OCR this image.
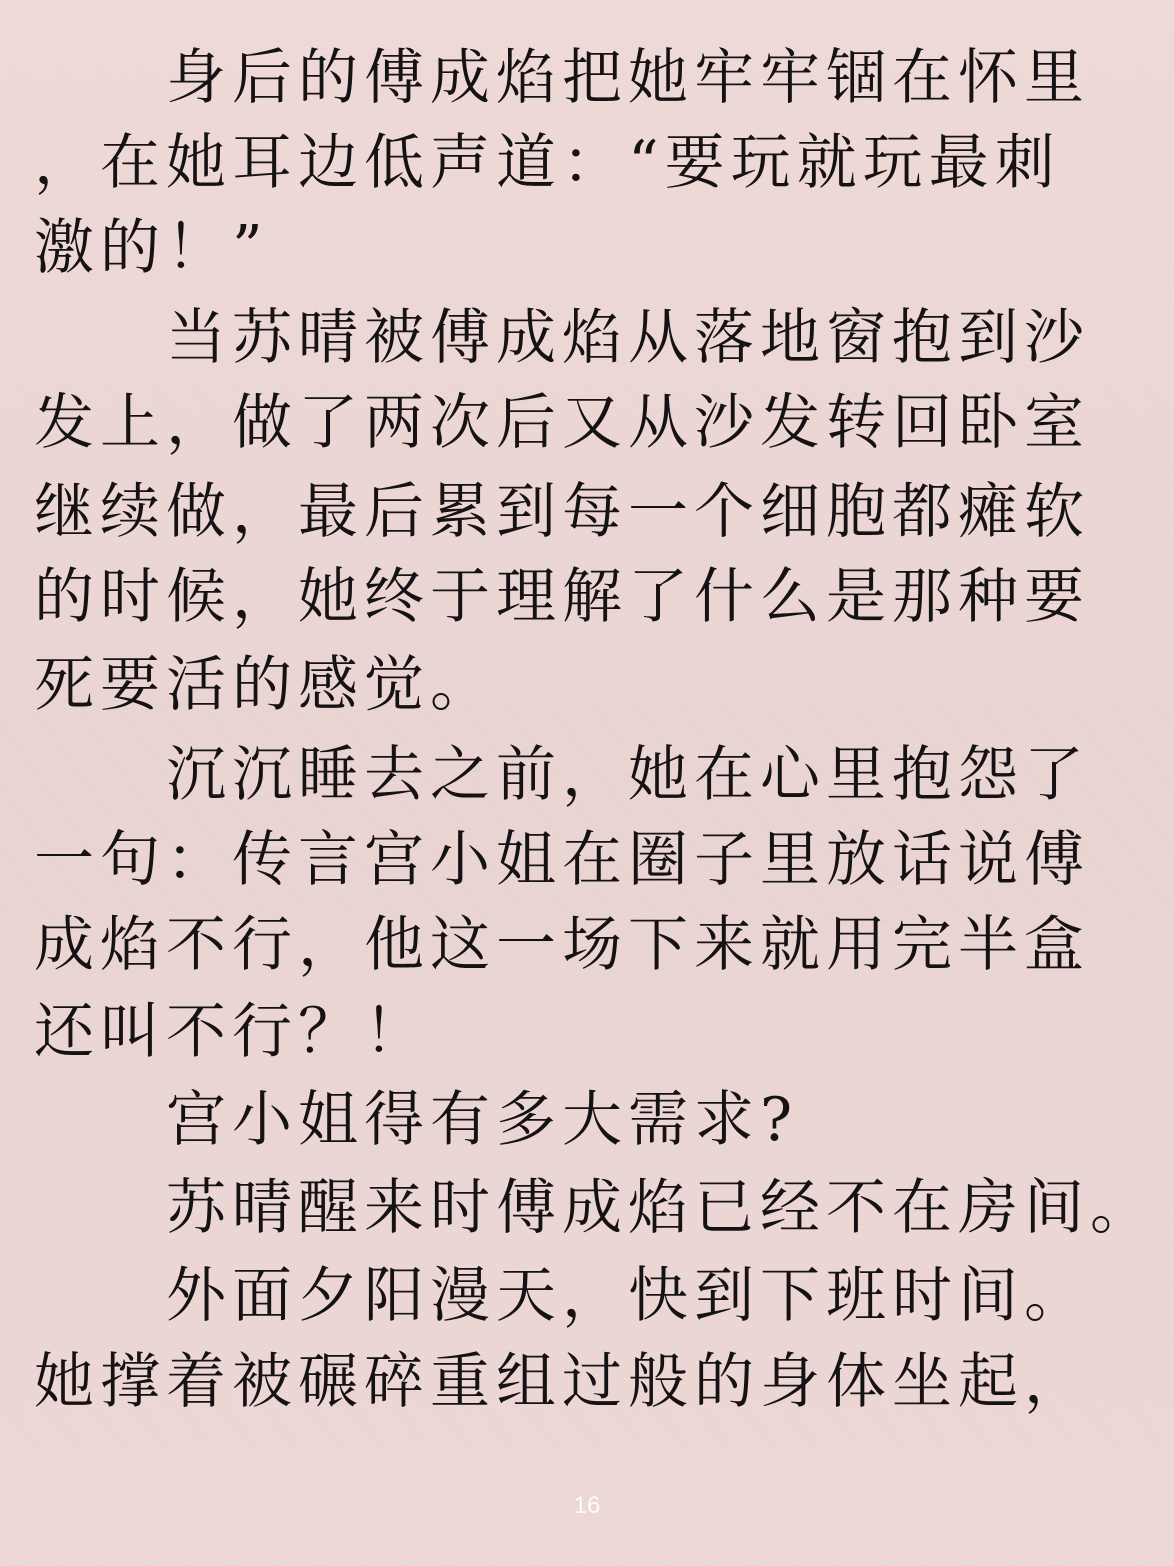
身后的傅成焰把她牢牢锢在怀里
，在她耳边低声道：“要玩就玩最刺
激的！”
当苏晴被傅成焰从落地窗抱到沙
发上，做了两次后又从沙发转回卧室
继续做，最后累到每一个细胞都瘫软
的时候，她终于理解了什么是那种要
死要活的感觉。
沉沉睡去之前，她在心里抱怨了
一句：传言宫小姐在圈子里放话说傅
成焰不行，他这一场下来就用完半盒
还叫不行？！
宫小姐得有多大需求?
苏晴醒来时傅成焰已经不在房间。
外面夕阳漫天，快到下班时间。
她撑着被碾碎重组过般的身体坐起，
16
